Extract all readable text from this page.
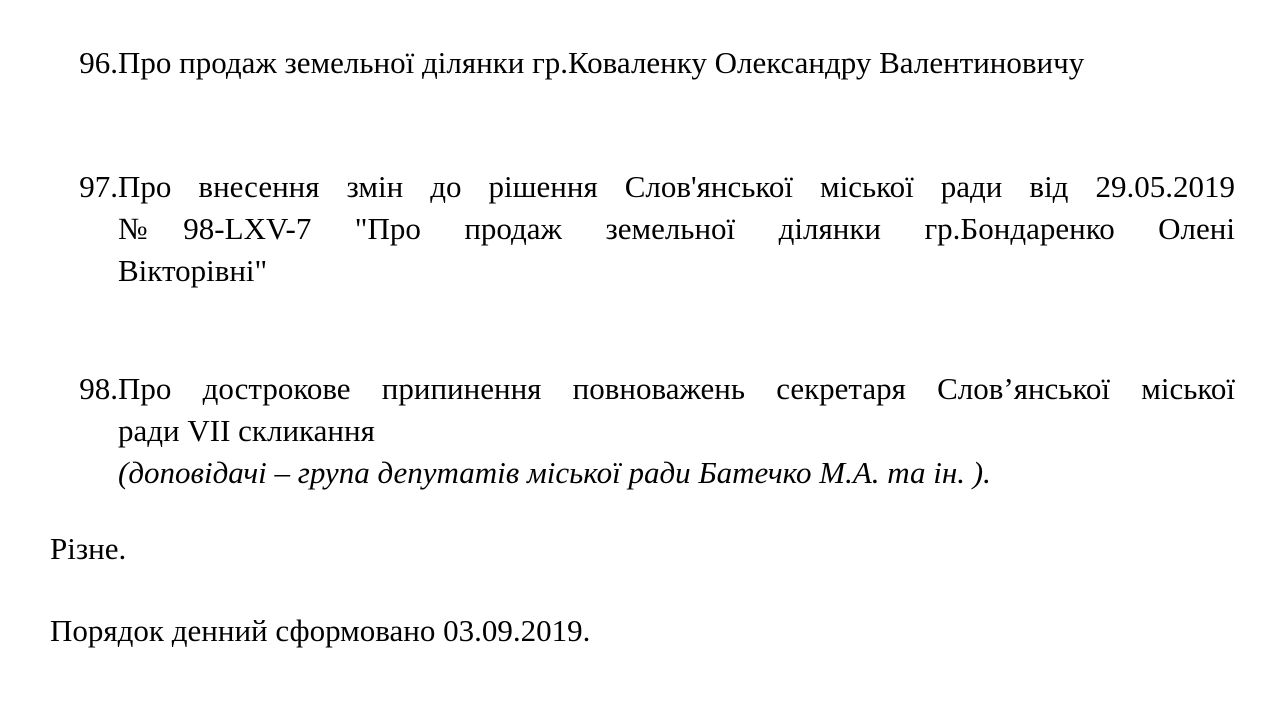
96. Про продаж земельної ділянки гр.Коваленку Олександру Валентиновичу
97. Про внесення змін до рішення Слов'янської міської ради від 29.05.2019
№98-LXV-7 "Про продаж земельної ділянки гр.Бондаренко Олені
Вікторівні"
98. Про дострокове припинення повноважень секретаря Слов’янської міської
ради VII скликання
(доповідачі – група депутатів міської ради Батечко М.А. та ін. ).
Різне.
Порядок денний сформовано 03.09.2019.
